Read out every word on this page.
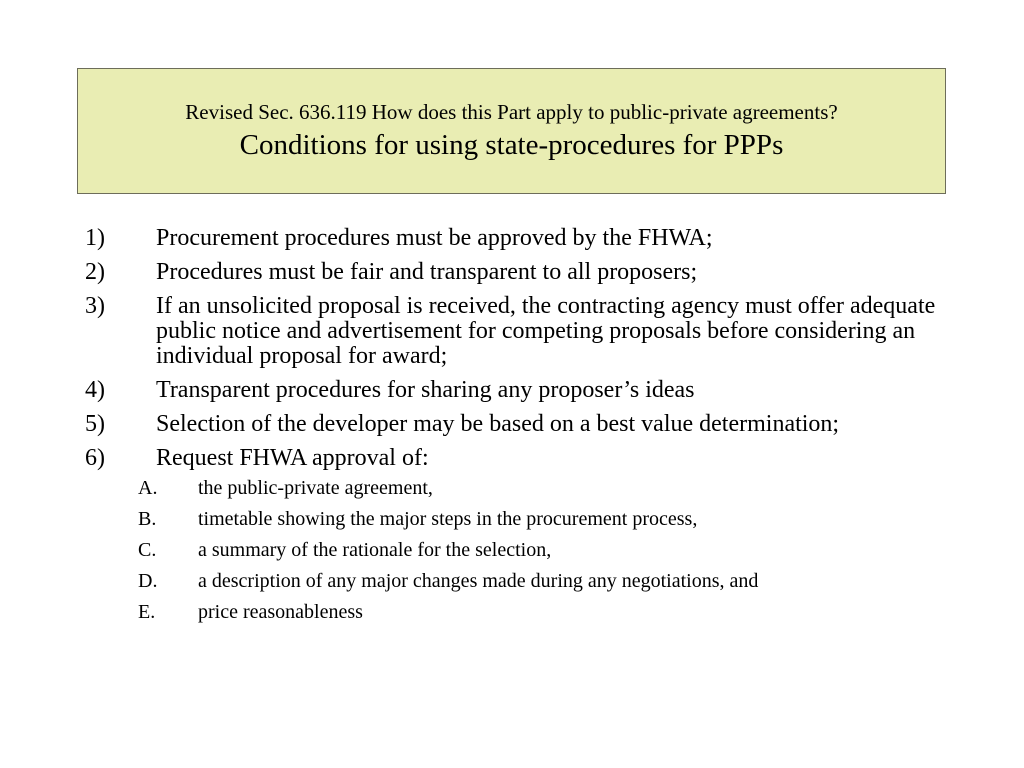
Revised Sec. 636.119 How does this Part apply to public-private agreements?
Conditions for using state-procedures for PPPs
1) Procurement procedures must be approved by the FHWA;
2) Procedures must be fair and transparent to all proposers;
3) If an unsolicited proposal is received, the contracting agency must offer adequate public notice and advertisement for competing proposals before considering an individual proposal for award;
4) Transparent procedures for sharing any proposer’s ideas
5) Selection of the developer may be based on a best value determination;
6) Request FHWA approval of:
A. the public-private agreement,
B. timetable showing the major steps in the procurement process,
C. a summary of the rationale for the selection,
D. a description of any major changes made during any negotiations, and
E. price reasonableness
